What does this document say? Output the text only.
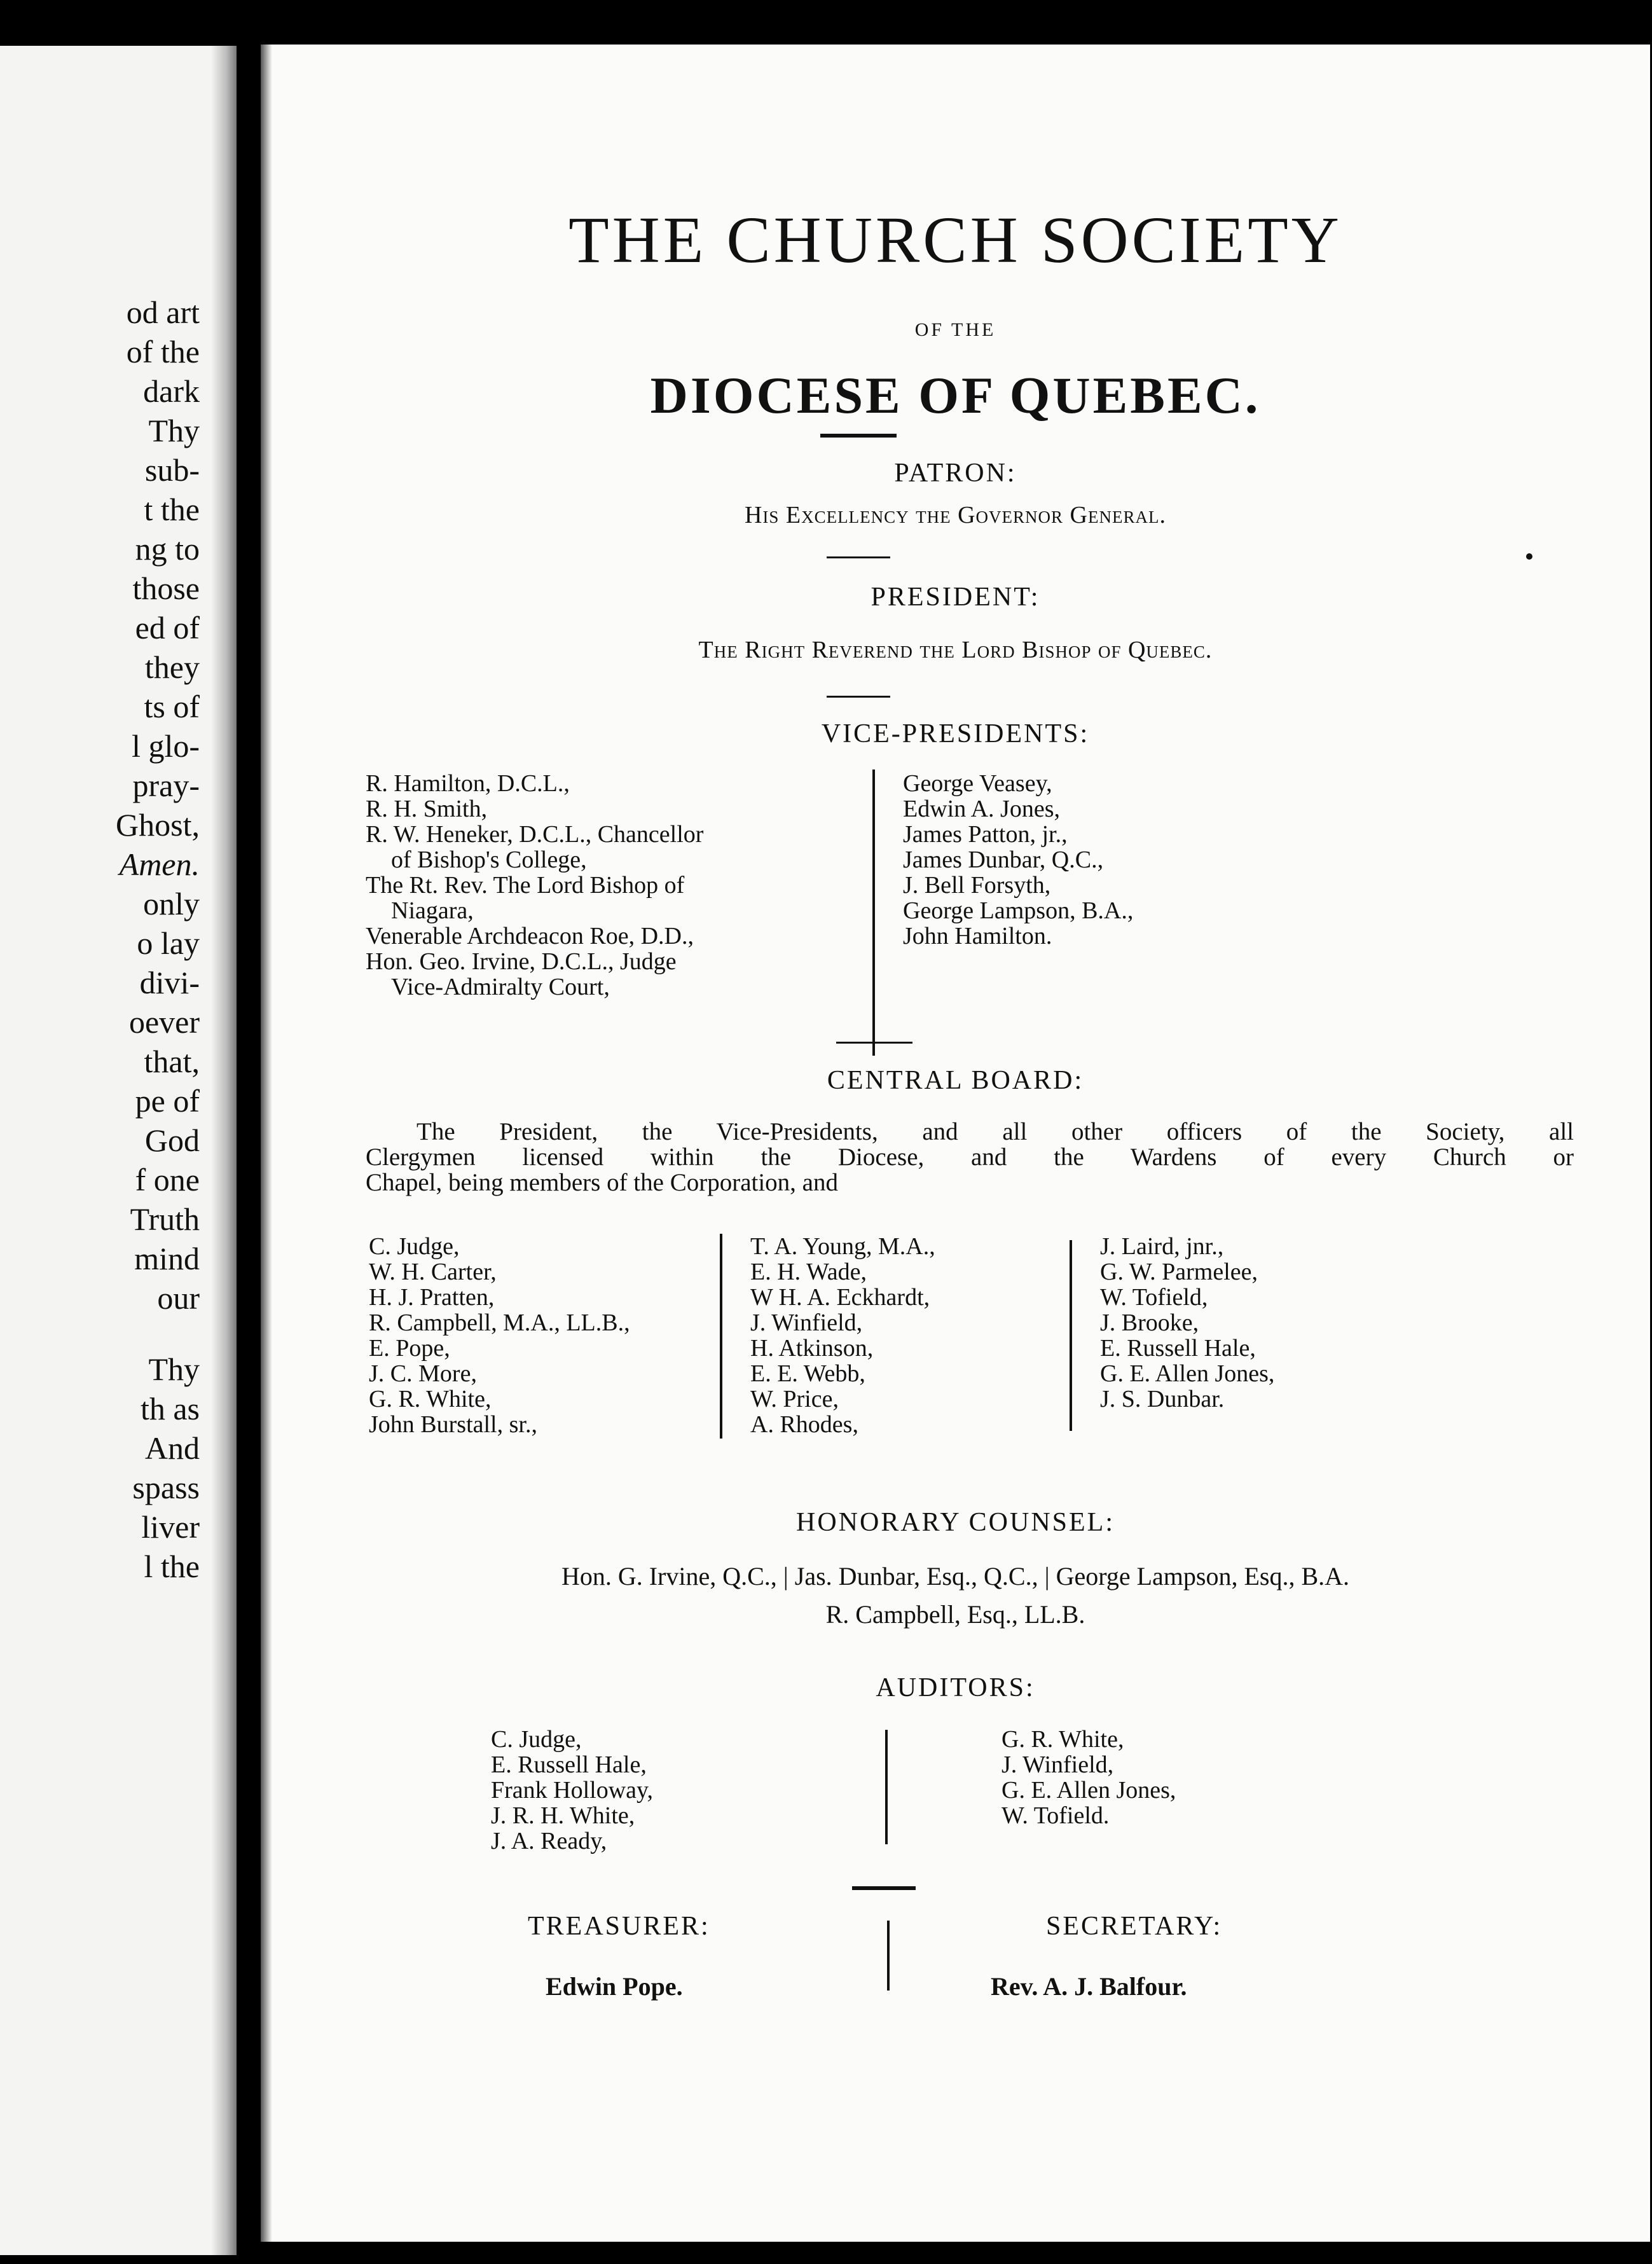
od art
of the
dark
Thy
sub-
t the
ng to
those
ed of
they
ts of
l glo-
pray-
Ghost,
Amen.
only
o lay
divi-
oever
that,
pe of
God
f one
Truth
mind
our
Thy
th as
And
spass
liver
l the
THE CHURCH SOCIETY
OF THE
DIOCESE OF QUEBEC.
PATRON:
His Excellency the Governor General.
PRESIDENT:
The Right Reverend the Lord Bishop of Quebec.
VICE-PRESIDENTS:
R. Hamilton, D.C.L.,
R. H. Smith,
R. W. Heneker, D.C.L., Chancellor
of Bishop's College,
The Rt. Rev. The Lord Bishop of
Niagara,
Venerable Archdeacon Roe, D.D.,
Hon. Geo. Irvine, D.C.L., Judge
Vice-Admiralty Court,
George Veasey,
Edwin A. Jones,
James Patton, jr.,
James Dunbar, Q.C.,
J. Bell Forsyth,
George Lampson, B.A.,
John Hamilton.
CENTRAL BOARD:
The President, the Vice-Presidents, and all other officers of the Society, all
Clergymen licensed within the Diocese, and the Wardens of every Church or
Chapel, being members of the Corporation, and
C. Judge,
W. H. Carter,
H. J. Pratten,
R. Campbell, M.A., LL.B.,
E. Pope,
J. C. More,
G. R. White,
John Burstall, sr.,
T. A. Young, M.A.,
E. H. Wade,
W H. A. Eckhardt,
J. Winfield,
H. Atkinson,
E. E. Webb,
W. Price,
A. Rhodes,
J. Laird, jnr.,
G. W. Parmelee,
W. Tofield,
J. Brooke,
E. Russell Hale,
G. E. Allen Jones,
J. S. Dunbar.
HONORARY COUNSEL:
Hon. G. Irvine, Q.C., | Jas. Dunbar, Esq., Q.C., | George Lampson, Esq., B.A.
R. Campbell, Esq., LL.B.
AUDITORS:
C. Judge,
E. Russell Hale,
Frank Holloway,
J. R. H. White,
J. A. Ready,
G. R. White,
J. Winfield,
G. E. Allen Jones,
W. Tofield.
TREASURER:
Edwin Pope.
SECRETARY:
Rev. A. J. Balfour.
